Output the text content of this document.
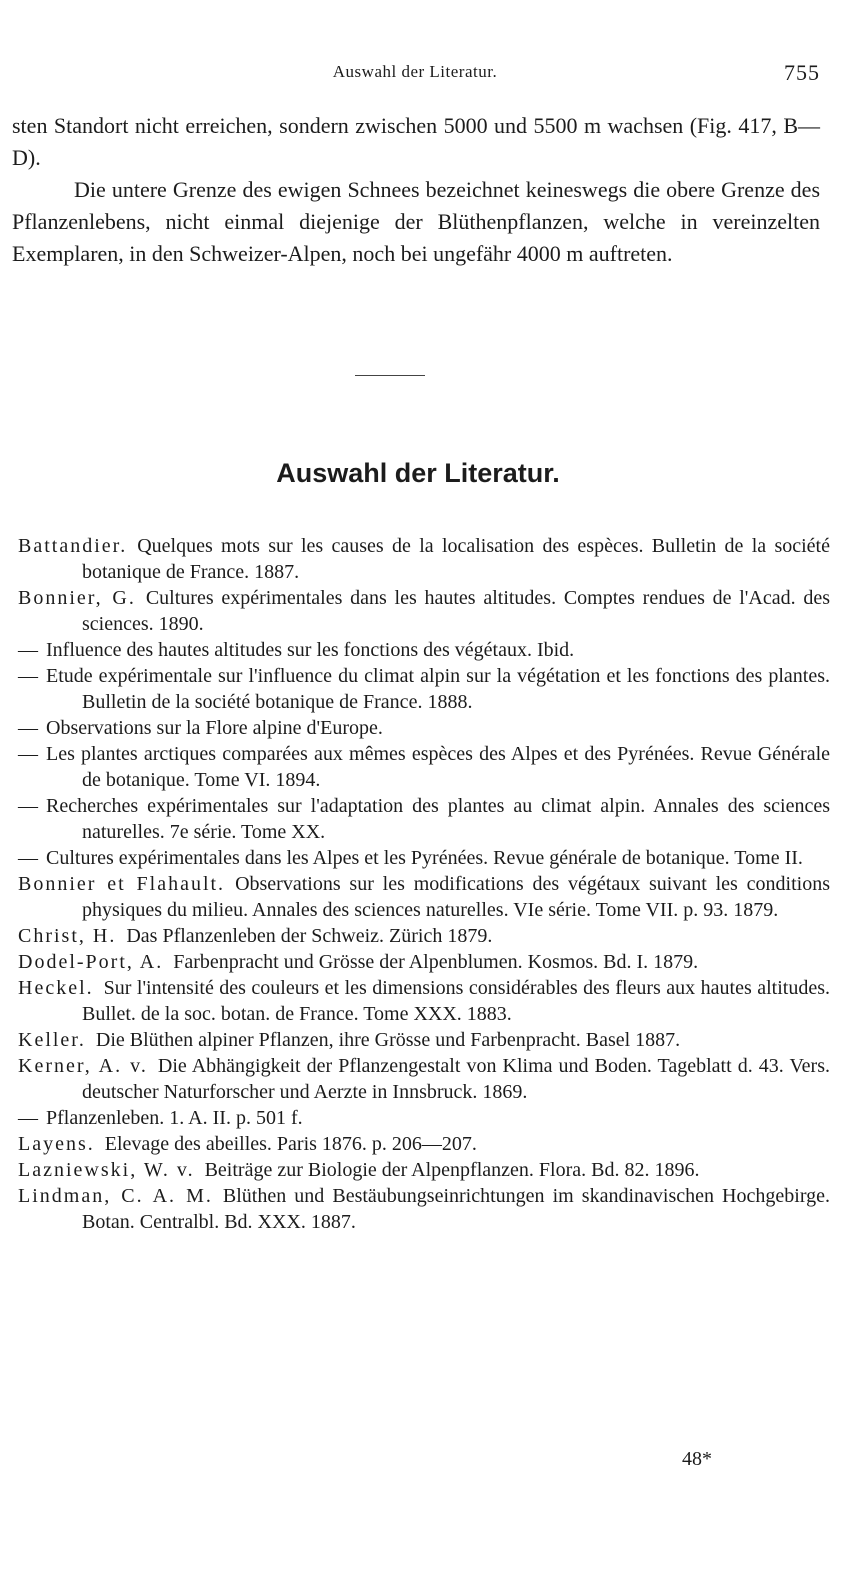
Auswahl der Literatur.	755

sten Standort nicht erreichen, sondern zwischen 5000 und 5500 m wachsen (Fig. 417, B—D).

Die untere Grenze des ewigen Schnees bezeichnet keineswegs die obere Grenze des Pflanzenlebens, nicht einmal diejenige der Blüthenpflanzen, welche in vereinzelten Exemplaren, in den Schweizer-Alpen, noch bei ungefähr 4000 m auftreten.

Auswahl der Literatur.

Battandier. Quelques mots sur les causes de la localisation des espèces. Bulletin de la société botanique de France. 1887.

Bonnier, G. Cultures expérimentales dans les hautes altitudes. Comptes rendues de l'Acad. des sciences. 1890.

— Influence des hautes altitudes sur les fonctions des végétaux. Ibid.

— Etude expérimentale sur l'influence du climat alpin sur la végétation et les fonctions des plantes. Bulletin de la société botanique de France. 1888.

— Observations sur la Flore alpine d'Europe.

— Les plantes arctiques comparées aux mêmes espèces des Alpes et des Pyrénées. Revue Générale de botanique. Tome VI. 1894.

— Recherches expérimentales sur l'adaptation des plantes au climat alpin. Annales des sciences naturelles. 7e série. Tome XX.

— Cultures expérimentales dans les Alpes et les Pyrénées. Revue générale de botanique. Tome II.

Bonnier et Flahault. Observations sur les modifications des végétaux suivant les conditions physiques du milieu. Annales des sciences naturelles. VIe série. Tome VII. p. 93. 1879.

Christ, H. Das Pflanzenleben der Schweiz. Zürich 1879.

Dodel-Port, A. Farbenpracht und Grösse der Alpenblumen. Kosmos. Bd. I. 1879.

Heckel. Sur l'intensité des couleurs et les dimensions considérables des fleurs aux hautes altitudes. Bullet. de la soc. botan. de France. Tome XXX. 1883.

Keller. Die Blüthen alpiner Pflanzen, ihre Grösse und Farbenpracht. Basel 1887.

Kerner, A. v. Die Abhängigkeit der Pflanzengestalt von Klima und Boden. Tageblatt d. 43. Vers. deutscher Naturforscher und Aerzte in Innsbruck. 1869.

— Pflanzenleben. 1. A. II. p. 501 f.

Layens. Elevage des abeilles. Paris 1876. p. 206—207.

Lazniewski, W. v. Beiträge zur Biologie der Alpenpflanzen. Flora. Bd. 82. 1896.

Lindman, C. A. M. Blüthen und Bestäubungseinrichtungen im skandinavischen Hochgebirge. Botan. Centralbl. Bd. XXX. 1887.

48*
